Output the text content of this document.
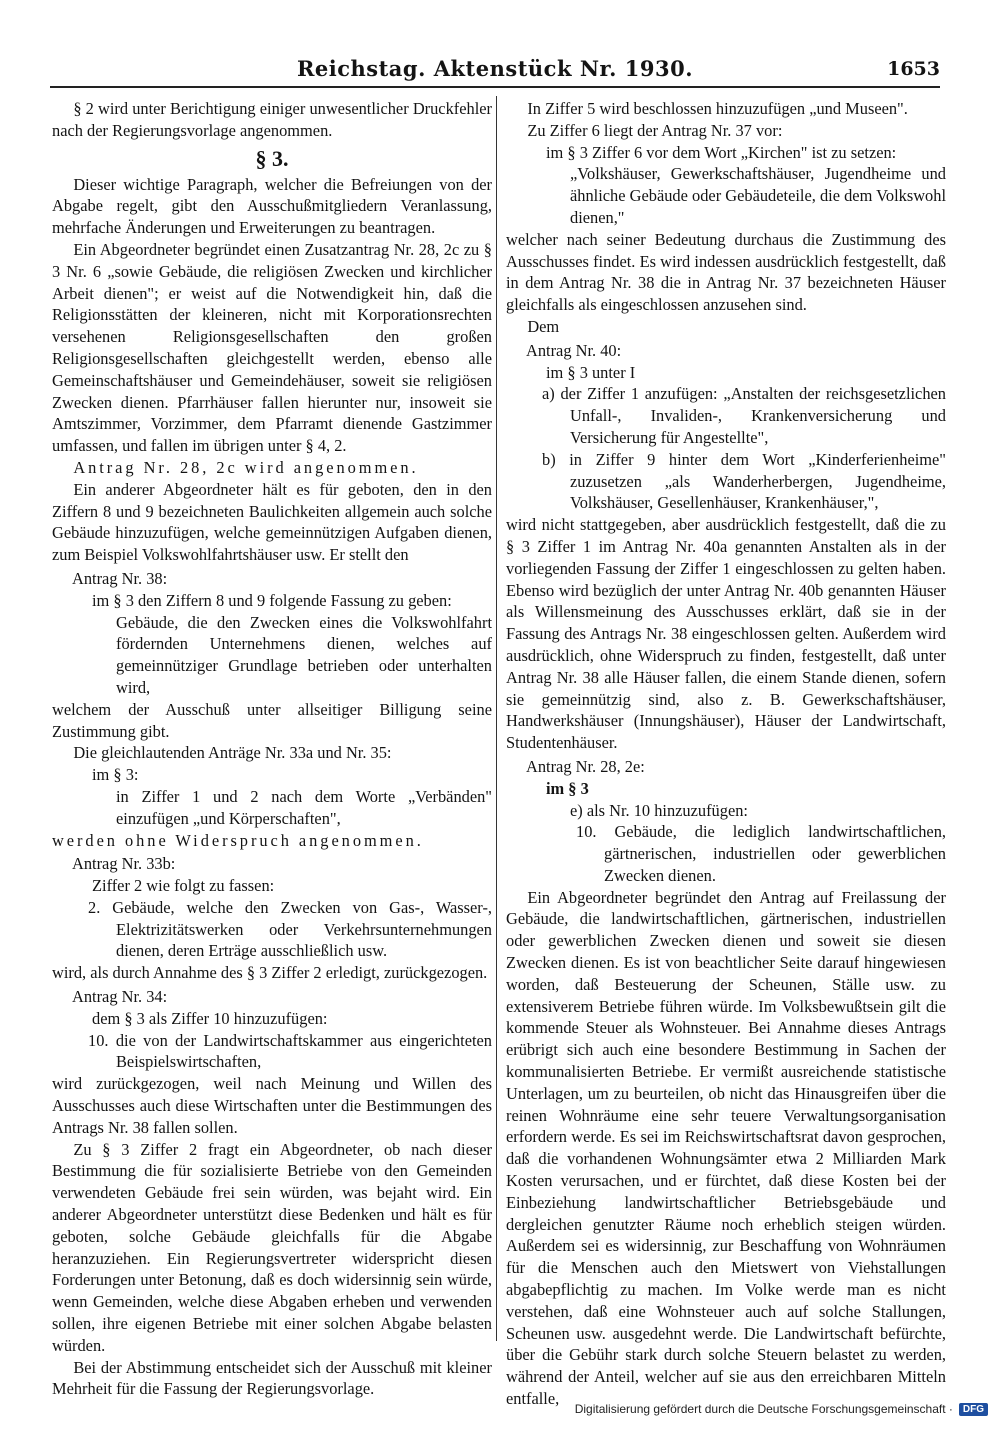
Reichstag. Aktenstück Nr. 1930.	1653

§ 2 wird unter Berichtigung einiger unwesentlicher Druckfehler nach der Regierungsvorlage angenommen.

§ 3.

Dieser wichtige Paragraph, welcher die Befreiungen von der Abgabe regelt, gibt den Ausschußmitgliedern Veranlassung, mehrfache Änderungen und Erweiterungen zu beantragen.

Ein Abgeordneter begründet einen Zusatzantrag Nr. 28, 2c zu § 3 Nr. 6 „sowie Gebäude, die religiösen Zwecken und kirchlicher Arbeit dienen"; er weist auf die Notwendigkeit hin, daß die Religionsstätten der kleineren, nicht mit Korporationsrechten versehenen Religionsgesellschaften den großen Religionsgesellschaften gleichgestellt werden, ebenso alle Gemeinschaftshäuser und Gemeindehäuser, soweit sie religiösen Zwecken dienen. Pfarrhäuser fallen hierunter nur, insoweit sie Amtszimmer, Vorzimmer, dem Pfarramt dienende Gastzimmer umfassen, und fallen im übrigen unter § 4, 2.

Antrag Nr. 28, 2c wird angenommen.

Ein anderer Abgeordneter hält es für geboten, den in den Ziffern 8 und 9 bezeichneten Baulichkeiten allgemein auch solche Gebäude hinzuzufügen, welche gemeinnützigen Aufgaben dienen, zum Beispiel Volkswohlfahrtshäuser usw. Er stellt den

Antrag Nr. 38:

im § 3 den Ziffern 8 und 9 folgende Fassung zu geben:

Gebäude, die den Zwecken eines die Volkswohlfahrt fördernden Unternehmens dienen, welches auf gemeinnütziger Grundlage betrieben oder unterhalten wird,

welchem der Ausschuß unter allseitiger Billigung seine Zustimmung gibt.

Die gleichlautenden Anträge Nr. 33a und Nr. 35:

im § 3:

in Ziffer 1 und 2 nach dem Worte „Verbänden" einzufügen „und Körperschaften",

werden ohne Widerspruch angenommen.

Antrag Nr. 33b:

Ziffer 2 wie folgt zu fassen:

2. Gebäude, welche den Zwecken von Gas-, Wasser-, Elektrizitätswerken oder Verkehrsunternehmungen dienen, deren Erträge ausschließlich usw.

wird, als durch Annahme des § 3 Ziffer 2 erledigt, zurückgezogen.

Antrag Nr. 34:

dem § 3 als Ziffer 10 hinzuzufügen:

10. die von der Landwirtschaftskammer aus eingerichteten Beispielswirtschaften,

wird zurückgezogen, weil nach Meinung und Willen des Ausschusses auch diese Wirtschaften unter die Bestimmungen des Antrags Nr. 38 fallen sollen.

Zu § 3 Ziffer 2 fragt ein Abgeordneter, ob nach dieser Bestimmung die für sozialisierte Betriebe von den Gemeinden verwendeten Gebäude frei sein würden, was bejaht wird. Ein anderer Abgeordneter unterstützt diese Bedenken und hält es für geboten, solche Gebäude gleichfalls für die Abgabe heranzuziehen. Ein Regierungsvertreter widerspricht diesen Forderungen unter Betonung, daß es doch widersinnig sein würde, wenn Gemeinden, welche diese Abgaben erheben und verwenden sollen, ihre eigenen Betriebe mit einer solchen Abgabe belasten würden.

Bei der Abstimmung entscheidet sich der Ausschuß mit kleiner Mehrheit für die Fassung der Regierungsvorlage.

In Ziffer 5 wird beschlossen hinzuzufügen „und Museen".

Zu Ziffer 6 liegt der Antrag Nr. 37 vor:

im § 3 Ziffer 6 vor dem Wort „Kirchen" ist zu setzen:

„Volkshäuser, Gewerkschaftshäuser, Jugendheime und ähnliche Gebäude oder Gebäudeteile, die dem Volkswohl dienen,"

welcher nach seiner Bedeutung durchaus die Zustimmung des Ausschusses findet. Es wird indessen ausdrücklich festgestellt, daß in dem Antrag Nr. 38 die in Antrag Nr. 37 bezeichneten Häuser gleichfalls als eingeschlossen anzusehen sind.

Dem

Antrag Nr. 40:

im § 3 unter I

a) der Ziffer 1 anzufügen: „Anstalten der reichsgesetzlichen Unfall-, Invaliden-, Krankenversicherung und Versicherung für Angestellte",

b) in Ziffer 9 hinter dem Wort „Kinderferienheime" zuzusetzen „als Wanderherbergen, Jugendheime, Volkshäuser, Gesellenhäuser, Krankenhäuser,",

wird nicht stattgegeben, aber ausdrücklich festgestellt, daß die zu § 3 Ziffer 1 im Antrag Nr. 40a genannten Anstalten als in der vorliegenden Fassung der Ziffer 1 eingeschlossen zu gelten haben. Ebenso wird bezüglich der unter Antrag Nr. 40b genannten Häuser als Willensmeinung des Ausschusses erklärt, daß sie in der Fassung des Antrags Nr. 38 eingeschlossen gelten. Außerdem wird ausdrücklich, ohne Widerspruch zu finden, festgestellt, daß unter Antrag Nr. 38 alle Häuser fallen, die einem Stande dienen, sofern sie gemeinnützig sind, also z. B. Gewerkschaftshäuser, Handwerkshäuser (Innungshäuser), Häuser der Landwirtschaft, Studentenhäuser.

Antrag Nr. 28, 2e:

im § 3

e) als Nr. 10 hinzuzufügen:

10. Gebäude, die lediglich landwirtschaftlichen, gärtnerischen, industriellen oder gewerblichen Zwecken dienen.

Ein Abgeordneter begründet den Antrag auf Freilassung der Gebäude, die landwirtschaftlichen, gärtnerischen, industriellen oder gewerblichen Zwecken dienen und soweit sie diesen Zwecken dienen. Es ist von beachtlicher Seite darauf hingewiesen worden, daß Besteuerung der Scheunen, Ställe usw. zu extensiverem Betriebe führen würde. Im Volksbewußtsein gilt die kommende Steuer als Wohnsteuer. Bei Annahme dieses Antrags erübrigt sich auch eine besondere Bestimmung in Sachen der kommunalisierten Betriebe. Er vermißt ausreichende statistische Unterlagen, um zu beurteilen, ob nicht das Hinausgreifen über die reinen Wohnräume eine sehr teuere Verwaltungsorganisation erfordern werde. Es sei im Reichswirtschaftsrat davon gesprochen, daß die vorhandenen Wohnungsämter etwa 2 Milliarden Mark Kosten verursachen, und er fürchtet, daß diese Kosten bei der Einbeziehung landwirtschaftlicher Betriebsgebäude und dergleichen genutzter Räume noch erheblich steigen würden. Außerdem sei es widersinnig, zur Beschaffung von Wohnräumen für die Menschen auch den Mietswert von Viehstallungen abgabepflichtig zu machen. Im Volke werde man es nicht verstehen, daß eine Wohnsteuer auch auf solche Stallungen, Scheunen usw. ausgedehnt werde. Die Landwirtschaft befürchte, über die Gebühr stark durch solche Steuern belastet zu werden, während der Anteil, welcher auf sie aus den erreichbaren Mitteln entfalle,

Digitalisierung gefördert durch die Deutsche Forschungsgemeinschaft ·	DFG
